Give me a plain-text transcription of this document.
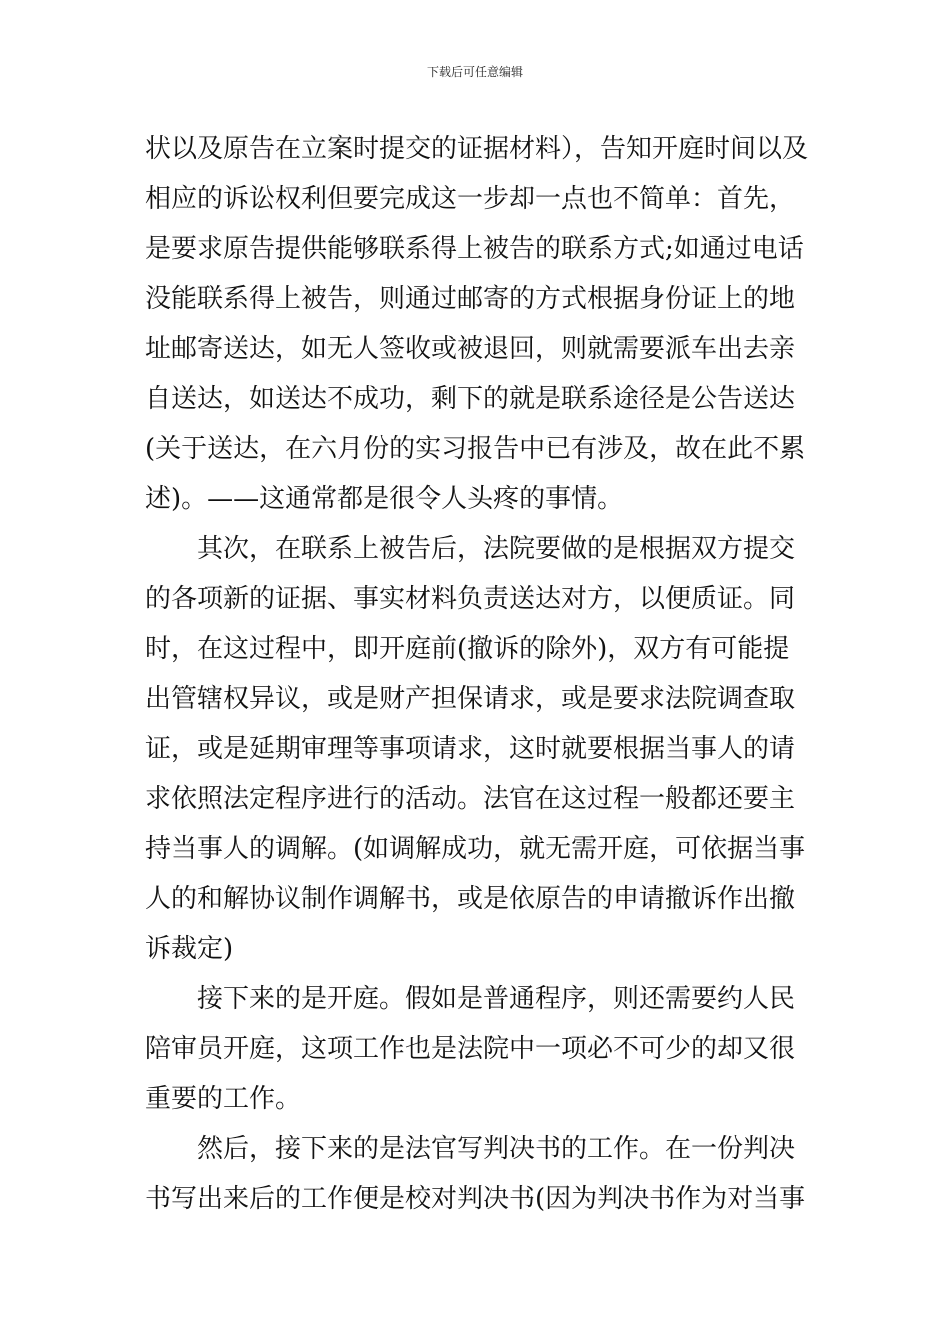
下载后可任意编辑
状以及原告在立案时提交的证据材料），告知开庭时间以及
相应的诉讼权利但要完成这一步却一点也不简单：首先，
是要求原告提供能够联系得上被告的联系方式;如通过电话
没能联系得上被告，则通过邮寄的方式根据身份证上的地
址邮寄送达，如无人签收或被退回，则就需要派车出去亲
自送达，如送达不成功，剩下的就是联系途径是公告送达
(关于送达，在六月份的实习报告中已有涉及，故在此不累
述)。——这通常都是很令人头疼的事情。
　　其次，在联系上被告后，法院要做的是根据双方提交
的各项新的证据、事实材料负责送达对方，以便质证。同
时，在这过程中，即开庭前(撤诉的除外)，双方有可能提
出管辖权异议，或是财产担保请求，或是要求法院调查取
证，或是延期审理等事项请求，这时就要根据当事人的请
求依照法定程序进行的活动。法官在这过程一般都还要主
持当事人的调解。(如调解成功，就无需开庭，可依据当事
人的和解协议制作调解书，或是依原告的申请撤诉作出撤
诉裁定)
　　接下来的是开庭。假如是普通程序，则还需要约人民
陪审员开庭，这项工作也是法院中一项必不可少的却又很
重要的工作。
　　然后，接下来的是法官写判决书的工作。在一份判决
书写出来后的工作便是校对判决书(因为判决书作为对当事
